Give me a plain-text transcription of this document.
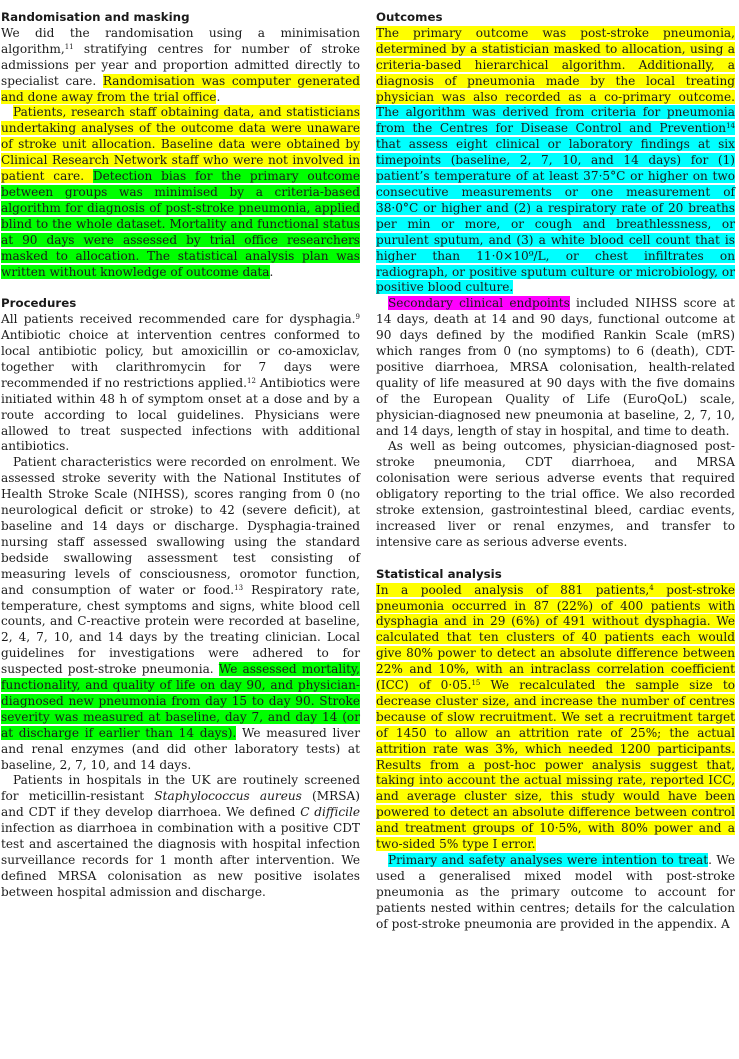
Randomisation and masking

We did the randomisation using a minimisation algorithm,$^{11}$ stratifying centres for number of stroke admissions per year and proportion admitted directly to specialist care. Randomisation was computer generated and done away from the trial office.

Patients, research staff obtaining data, and statisticians undertaking analyses of the outcome data were unaware of stroke unit allocation. Baseline data were obtained by Clinical Research Network staff who were not involved in patient care. Detection bias for the primary outcome between groups was minimised by a criteria-based algorithm for diagnosis of post-stroke pneumonia, applied blind to the whole dataset. Mortality and functional status at 90 days were assessed by trial office researchers masked to allocation. The statistical analysis plan was written without knowledge of outcome data.

Procedures

All patients received recommended care for dysphagia.$^9$ Antibiotic choice at intervention centres conformed to local antibiotic policy, but amoxicillin or co-amoxiclav, together with clarithromycin for 7 days were recommended if no restrictions applied.$^{12}$ Antibiotics were initiated within 48 h of symptom onset at a dose and by a route according to local guidelines. Physicians were allowed to treat suspected infections with additional antibiotics.

Patient characteristics were recorded on enrolment. We assessed stroke severity with the National Institutes of Health Stroke Scale (NIHSS), scores ranging from 0 (no neurological deficit or stroke) to 42 (severe deficit), at baseline and 14 days or discharge. Dysphagia-trained nursing staff assessed swallowing using the standard bedside swallowing assessment test consisting of measuring levels of consciousness, oromotor function, and consumption of water or food.$^{13}$ Respiratory rate, temperature, chest symptoms and signs, white blood cell counts, and C-reactive protein were recorded at baseline, 2, 4, 7, 10, and 14 days by the treating clinician. Local guidelines for investigations were adhered to for suspected post-stroke pneumonia. We assessed mortality, functionality, and quality of life on day 90, and physician-diagnosed new pneumonia from day 15 to day 90. Stroke severity was measured at baseline, day 7, and day 14 (or at discharge if earlier than 14 days). We measured liver and renal enzymes (and did other laboratory tests) at baseline, 2, 7, 10, and 14 days.

Patients in hospitals in the UK are routinely screened for meticillin-resistant Staphylococcus aureus (MRSA) and CDT if they develop diarrhoea. We defined C difficile infection as diarrhoea in combination with a positive CDT test and ascertained the diagnosis with hospital infection surveillance records for 1 month after intervention. We defined MRSA colonisation as new positive isolates between hospital admission and discharge.

Outcomes

The primary outcome was post-stroke pneumonia, determined by a statistician masked to allocation, using a criteria-based hierarchical algorithm. Additionally, a diagnosis of pneumonia made by the local treating physician was also recorded as a co-primary outcome. The algorithm was derived from criteria for pneumonia from the Centres for Disease Control and Prevention$^{14}$ that assess eight clinical or laboratory findings at six timepoints (baseline, 2, 7, 10, and 14 days) for (1) patient’s temperature of at least 37·5°C or higher on two consecutive measurements or one measurement of 38·0°C or higher and (2) a respiratory rate of 20 breaths per min or more, or cough and breathlessness, or purulent sputum, and (3) a white blood cell count that is higher than 11·0×10⁹/L, or chest infiltrates on radiograph, or positive sputum culture or microbiology, or positive blood culture.

Secondary clinical endpoints included NIHSS score at 14 days, death at 14 and 90 days, functional outcome at 90 days defined by the modified Rankin Scale (mRS) which ranges from 0 (no symptoms) to 6 (death), CDT-positive diarrhoea, MRSA colonisation, health-related quality of life measured at 90 days with the five domains of the European Quality of Life (EuroQoL) scale, physician-diagnosed new pneumonia at baseline, 2, 7, 10, and 14 days, length of stay in hospital, and time to death.

As well as being outcomes, physician-diagnosed post-stroke pneumonia, CDT diarrhoea, and MRSA colonisation were serious adverse events that required obligatory reporting to the trial office. We also recorded stroke extension, gastrointestinal bleed, cardiac events, increased liver or renal enzymes, and transfer to intensive care as serious adverse events.

Statistical analysis

In a pooled analysis of 881 patients,$^4$ post-stroke pneumonia occurred in 87 (22%) of 400 patients with dysphagia and in 29 (6%) of 491 without dysphagia. We calculated that ten clusters of 40 patients each would give 80% power to detect an absolute difference between 22% and 10%, with an intraclass correlation coefficient (ICC) of 0·05.15 We recalculated the sample size to decrease cluster size, and increase the number of centres because of slow recruitment. We set a recruitment target of 1450 to allow an attrition rate of 25%; the actual attrition rate was 3%, which needed 1200 participants. Results from a post-hoc power analysis suggest that, taking into account the actual missing rate, reported ICC, and average cluster size, this study would have been powered to detect an absolute difference between control and treatment groups of 10·5%, with 80% power and a two-sided 5% type I error.

Primary and safety analyses were intention to treat. We used a generalised mixed model with post-stroke pneumonia as the primary outcome to account for patients nested within centres; details for the calculation of post-stroke pneumonia are provided in the appendix. A
